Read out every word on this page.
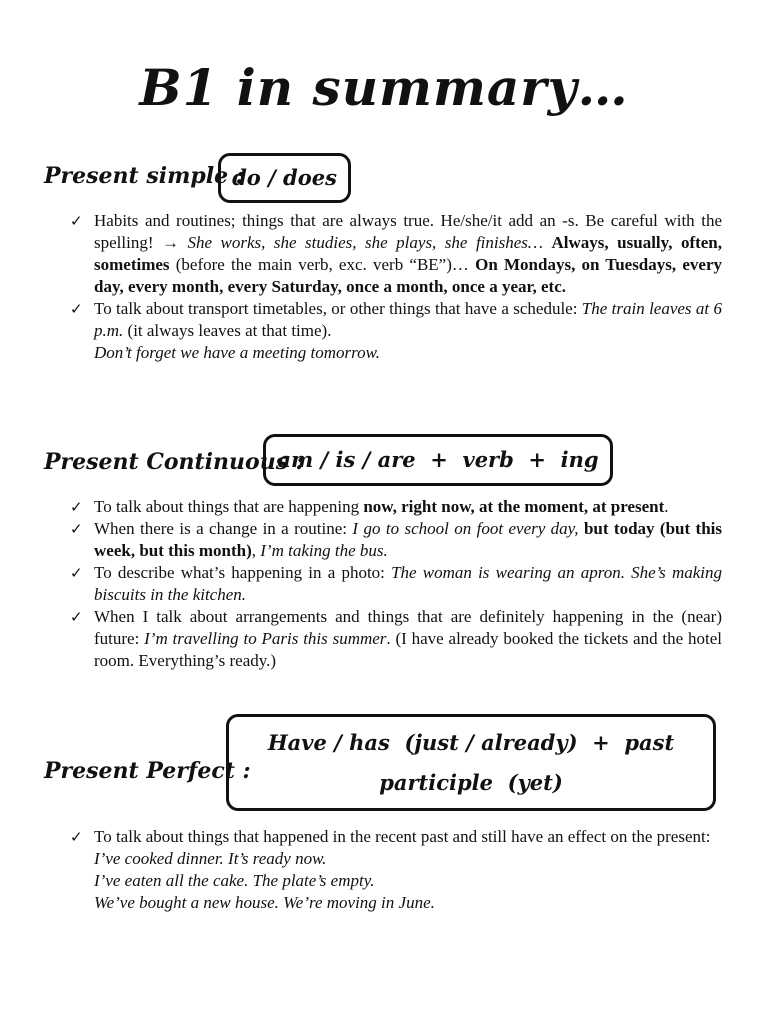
B1 in summary…
Present simple :
do / does
✓ Habits and routines; things that are always true. He/she/it add an -s. Be careful with the spelling! → She works, she studies, she plays, she finishes… Always, usually, often, sometimes (before the main verb, exc. verb “BE”)… On Mondays, on Tuesdays, every day, every month, every Saturday, once a month, once a year, etc.
✓ To talk about transport timetables, or other things that have a schedule: The train leaves at 6 p.m. (it always leaves at that time).
Don’t forget we have a meeting tomorrow.
Present Continuous :
am / is / are  +  verb  +  ing
✓ To talk about things that are happening now, right now, at the moment, at present.
✓ When there is a change in a routine: I go to school on foot every day, but today (but this week, but this month), I’m taking the bus.
✓ To describe what’s happening in a photo: The woman is wearing an apron. She’s making biscuits in the kitchen.
✓ When I talk about arrangements and things that are definitely happening in the (near) future: I’m travelling to Paris this summer. (I have already booked the tickets and the hotel room. Everything’s ready.)
Present Perfect :
Have / has  (just / already)  +  past
participle  (yet)
✓ To talk about things that happened in the recent past and still have an effect on the present:
I’ve cooked dinner. It’s ready now.
I’ve eaten all the cake. The plate’s empty.
We’ve bought a new house. We’re moving in June.
